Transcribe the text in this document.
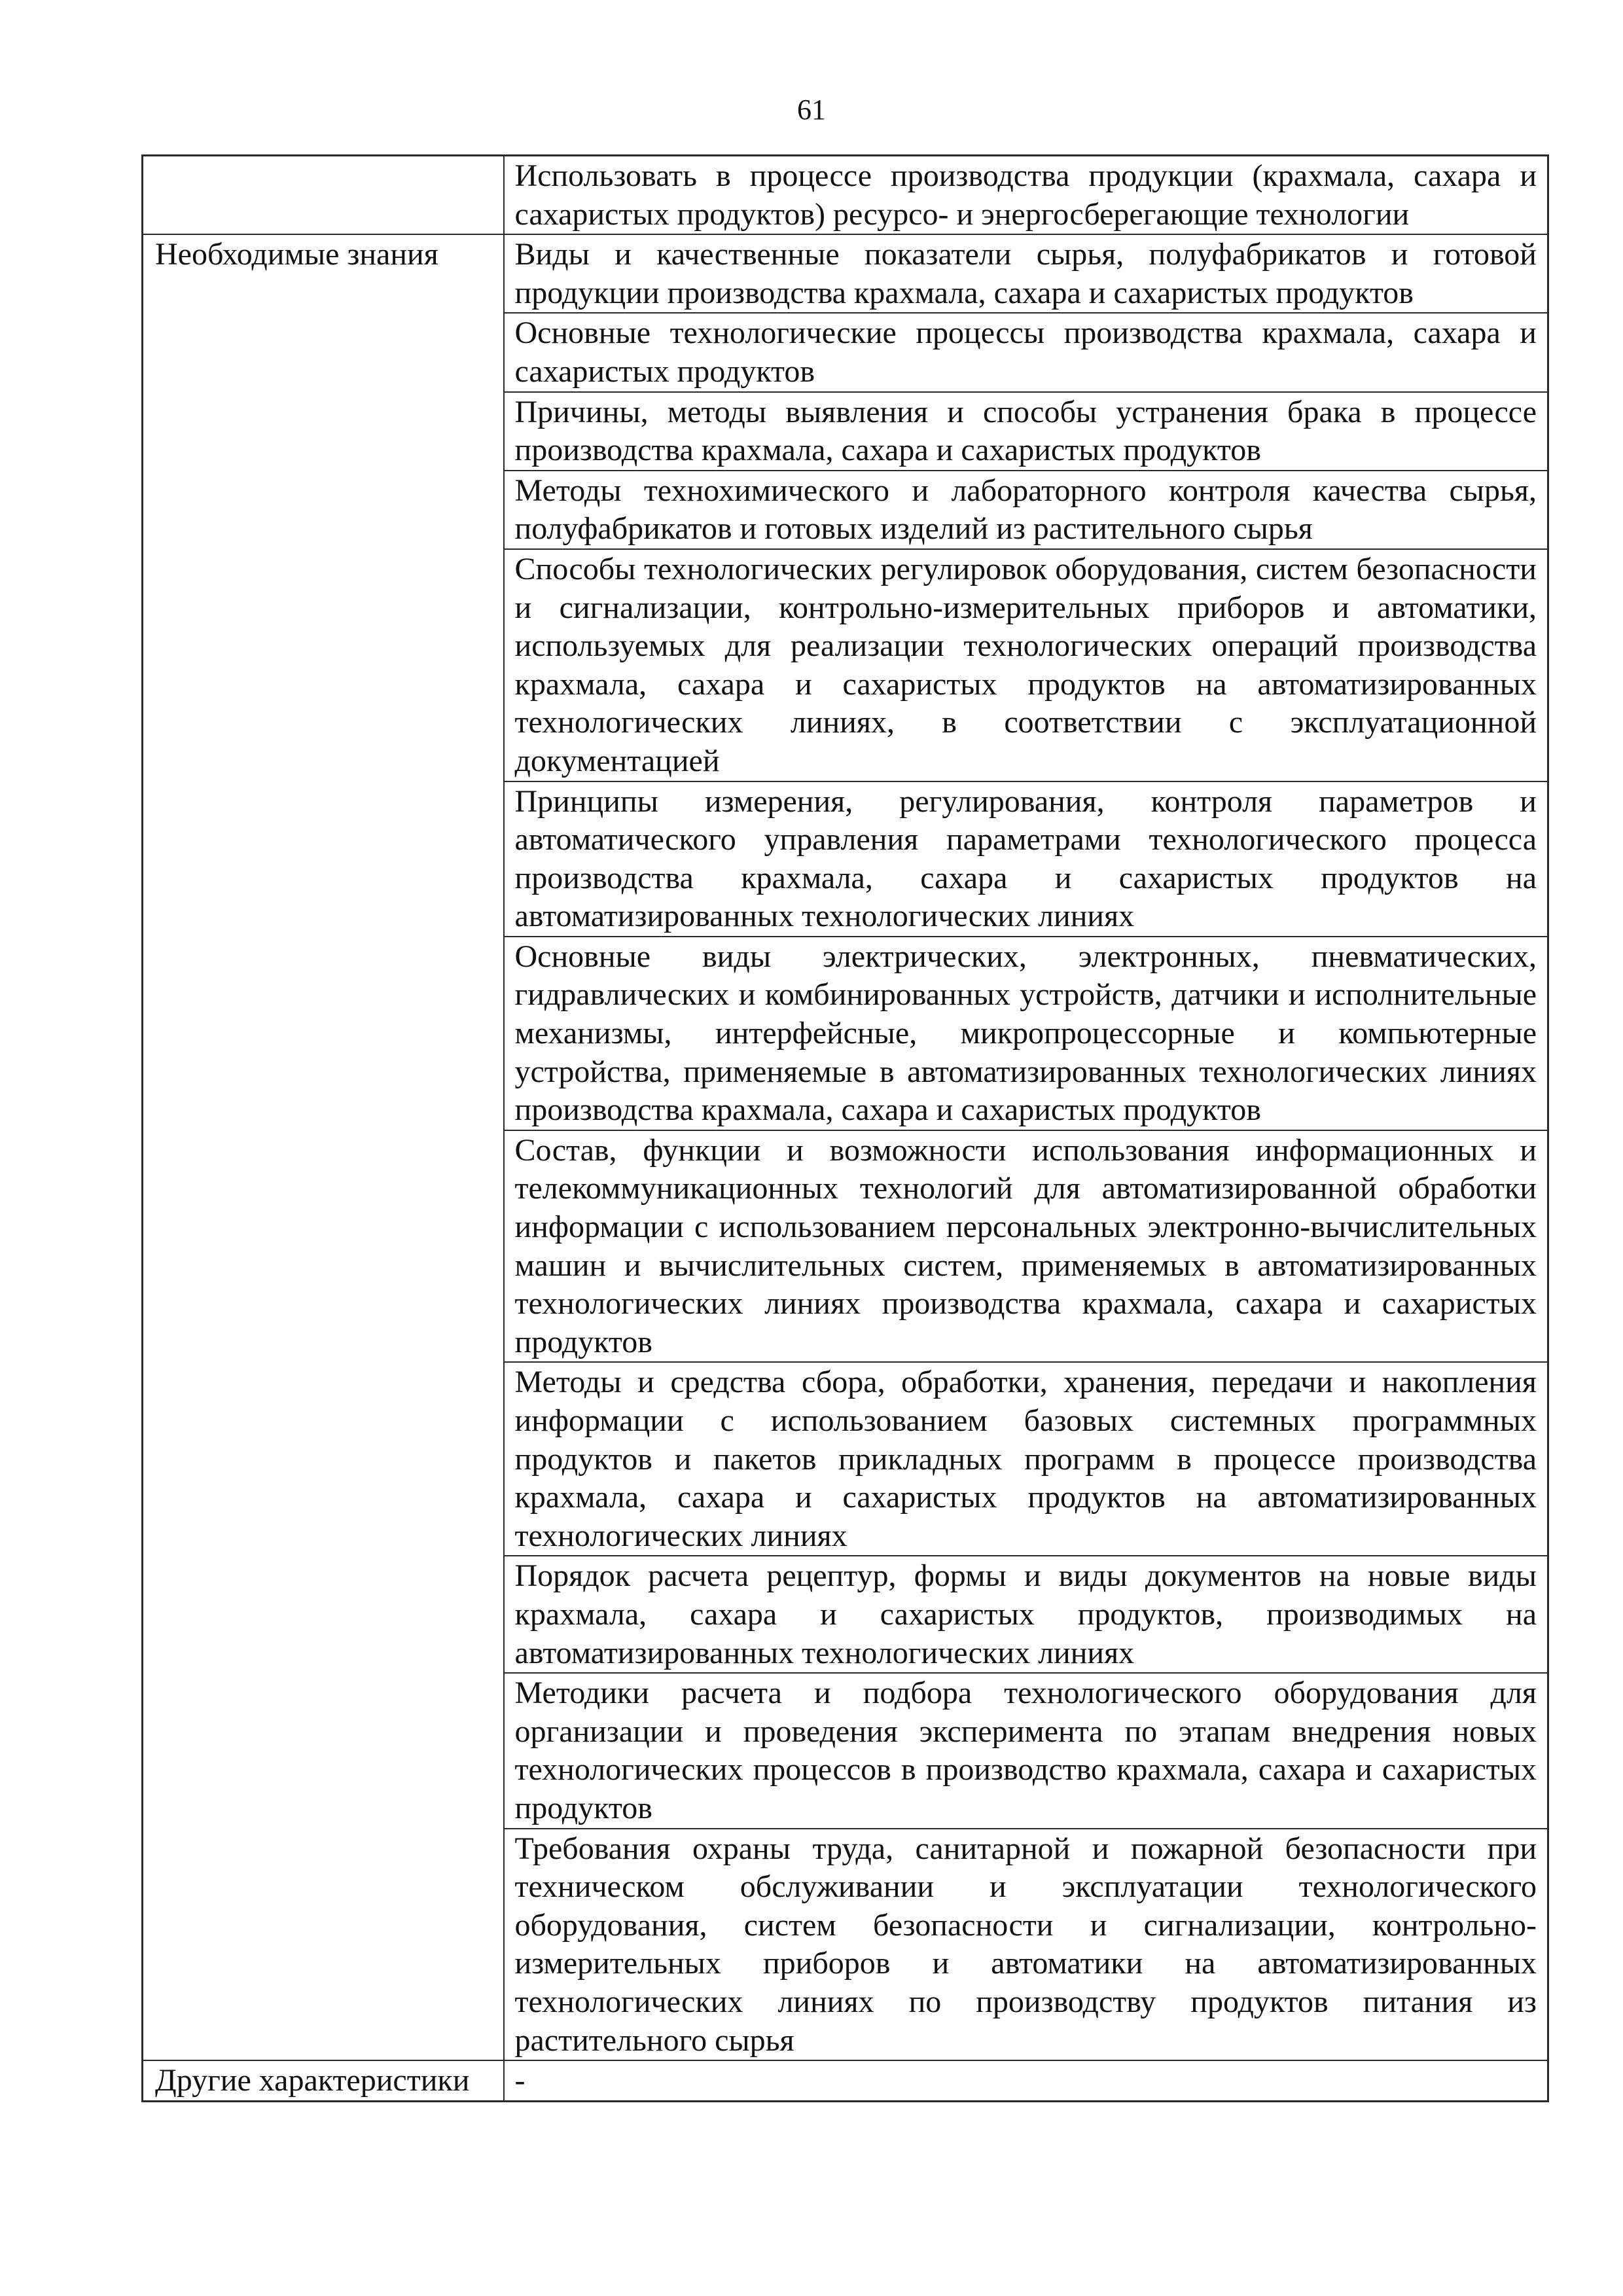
61
	Использовать в процессе производства продукции (крахмала, сахара и сахаристых продуктов) ресурсо- и энергосберегающие технологии
Необходимые знания	Виды и качественные показатели сырья, полуфабрикатов и готовой продукции производства крахмала, сахара и сахаристых продуктов
	Основные технологические процессы производства крахмала, сахара и сахаристых продуктов
	Причины, методы выявления и способы устранения брака в процессе производства крахмала, сахара и сахаристых продуктов
	Методы технохимического и лабораторного контроля качества сырья, полуфабрикатов и готовых изделий из растительного сырья
	Способы технологических регулировок оборудования, систем безопасности и сигнализации, контрольно-измерительных приборов и автоматики, используемых для реализации технологических операций производства крахмала, сахара и сахаристых продуктов на автоматизированных технологических линиях, в соответствии с эксплуатационной документацией
	Принципы измерения, регулирования, контроля параметров и автоматического управления параметрами технологического процесса производства крахмала, сахара и сахаристых продуктов на автоматизированных технологических линиях
	Основные виды электрических, электронных, пневматических, гидравлических и комбинированных устройств, датчики и исполнительные механизмы, интерфейсные, микропроцессорные и компьютерные устройства, применяемые в автоматизированных технологических линиях производства крахмала, сахара и сахаристых продуктов
	Состав, функции и возможности использования информационных и телекоммуникационных технологий для автоматизированной обработки информации с использованием персональных электронно-вычислительных машин и вычислительных систем, применяемых в автоматизированных технологических линиях производства крахмала, сахара и сахаристых продуктов
	Методы и средства сбора, обработки, хранения, передачи и накопления информации с использованием базовых системных программных продуктов и пакетов прикладных программ в процессе производства крахмала, сахара и сахаристых продуктов на автоматизированных технологических линиях
	Порядок расчета рецептур, формы и виды документов на новые виды крахмала, сахара и сахаристых продуктов, производимых на автоматизированных технологических линиях
	Методики расчета и подбора технологического оборудования для организации и проведения эксперимента по этапам внедрения новых технологических процессов в производство крахмала, сахара и сахаристых продуктов
	Требования охраны труда, санитарной и пожарной безопасности при техническом обслуживании и эксплуатации технологического оборудования, систем безопасности и сигнализации, контрольно-измерительных приборов и автоматики на автоматизированных технологических линиях по производству продуктов питания из растительного сырья
Другие характеристики	-
